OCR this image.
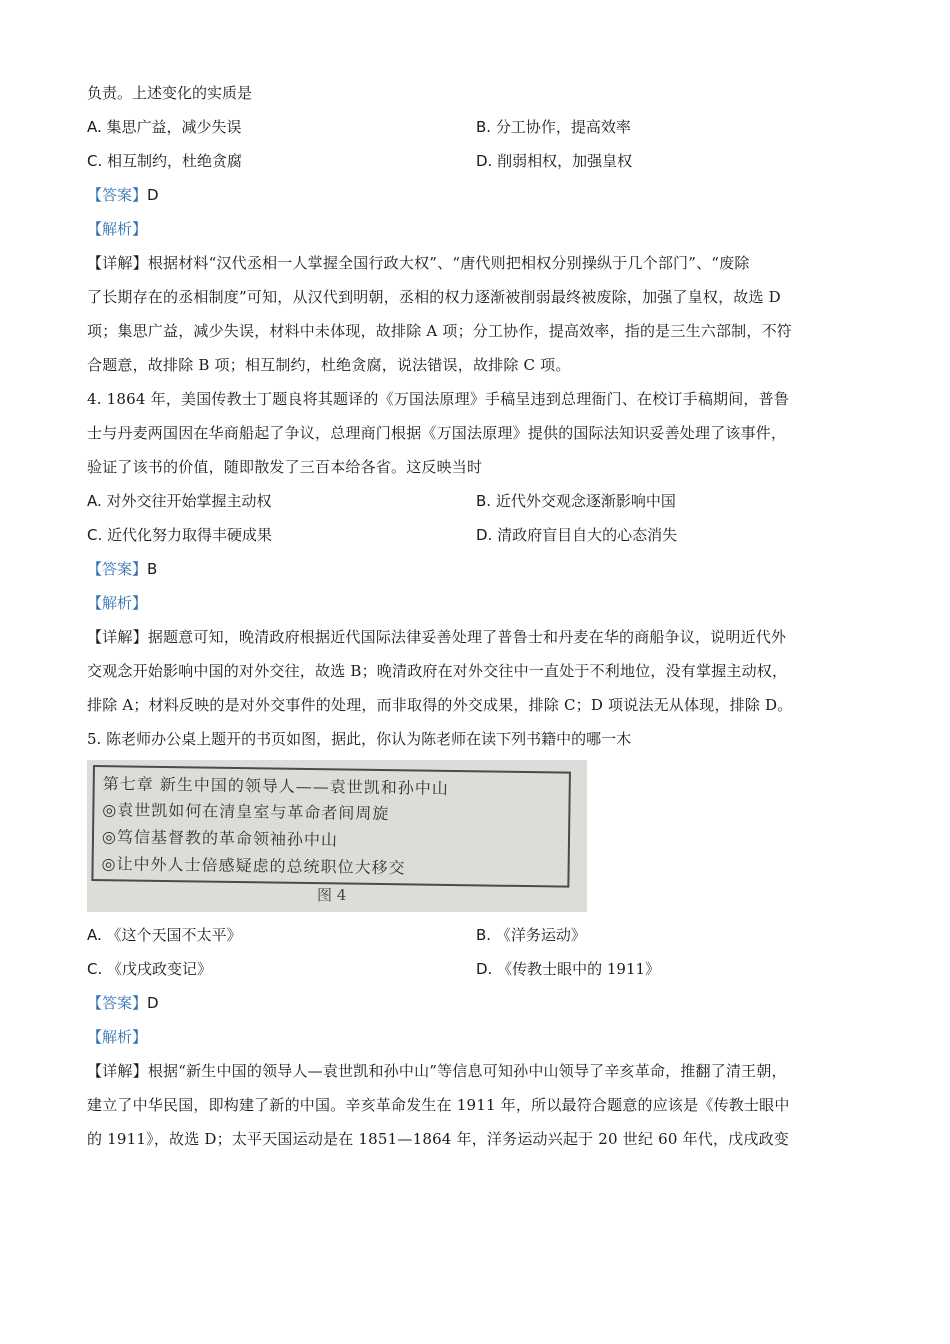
负责。上述变化的实质是
A. 集思广益，减少失误	B. 分工协作，提高效率
C. 相互制约，杜绝贪腐	D. 削弱相权，加强皇权
【答案】D
【解析】
【详解】根据材料“汉代丞相一人掌握全国行政大权”、“唐代则把相权分别操纵于几个部门”、“废除
了长期存在的丞相制度”可知，从汉代到明朝，丞相的权力逐渐被削弱最终被废除，加强了皇权，故选 D
项；集思广益，减少失误，材料中未体现，故排除 A 项；分工协作，提高效率，指的是三生六部制，不符
合题意，故排除 B 项；相互制约，杜绝贪腐，说法错误，故排除 C 项。
4. 1864 年，美国传教士丁题良将其题译的《万国法原理》手稿呈违到总理衙门、在校订手稿期间，普鲁
士与丹麦两国因在华商船起了争议，总理商门根据《万国法原理》提供的国际法知识妥善处理了该事件，
验证了该书的价值，随即散发了三百本给各省。这反映当时
A. 对外交往开始掌握主动权	B. 近代外交观念逐渐影响中国
C. 近代化努力取得丰硬成果	D. 清政府盲目自大的心态消失
【答案】B
【解析】
【详解】据题意可知，晚清政府根据近代国际法律妥善处理了普鲁士和丹麦在华的商船争议，说明近代外
交观念开始影响中国的对外交往，故选 B；晚清政府在对外交往中一直处于不利地位，没有掌握主动权，
排除 A；材料反映的是对外交事件的处理，而非取得的外交成果，排除 C；D 项说法无从体现，排除 D。
5. 陈老师办公桌上题开的书页如图，据此，你认为陈老师在读下列书籍中的哪一木
第七章 新生中国的领导人——袁世凯和孙中山
◎袁世凯如何在清皇室与革命者间周旋
◎笃信基督教的革命领袖孙中山
◎让中外人士倍感疑虑的总统职位大移交
图 4
A. 《这个天国不太平》	B. 《洋务运动》
C. 《戊戌政变记》	D. 《传教士眼中的 1911》
【答案】D
【解析】
【详解】根据“新生中国的领导人—袁世凯和孙中山”等信息可知孙中山领导了辛亥革命，推翻了清王朝，
建立了中华民国，即构建了新的中国。辛亥革命发生在 1911 年，所以最符合题意的应该是《传教士眼中
的 1911》，故选 D；太平天国运动是在 1851—1864 年，洋务运动兴起于 20 世纪 60 年代，戊戌政变
